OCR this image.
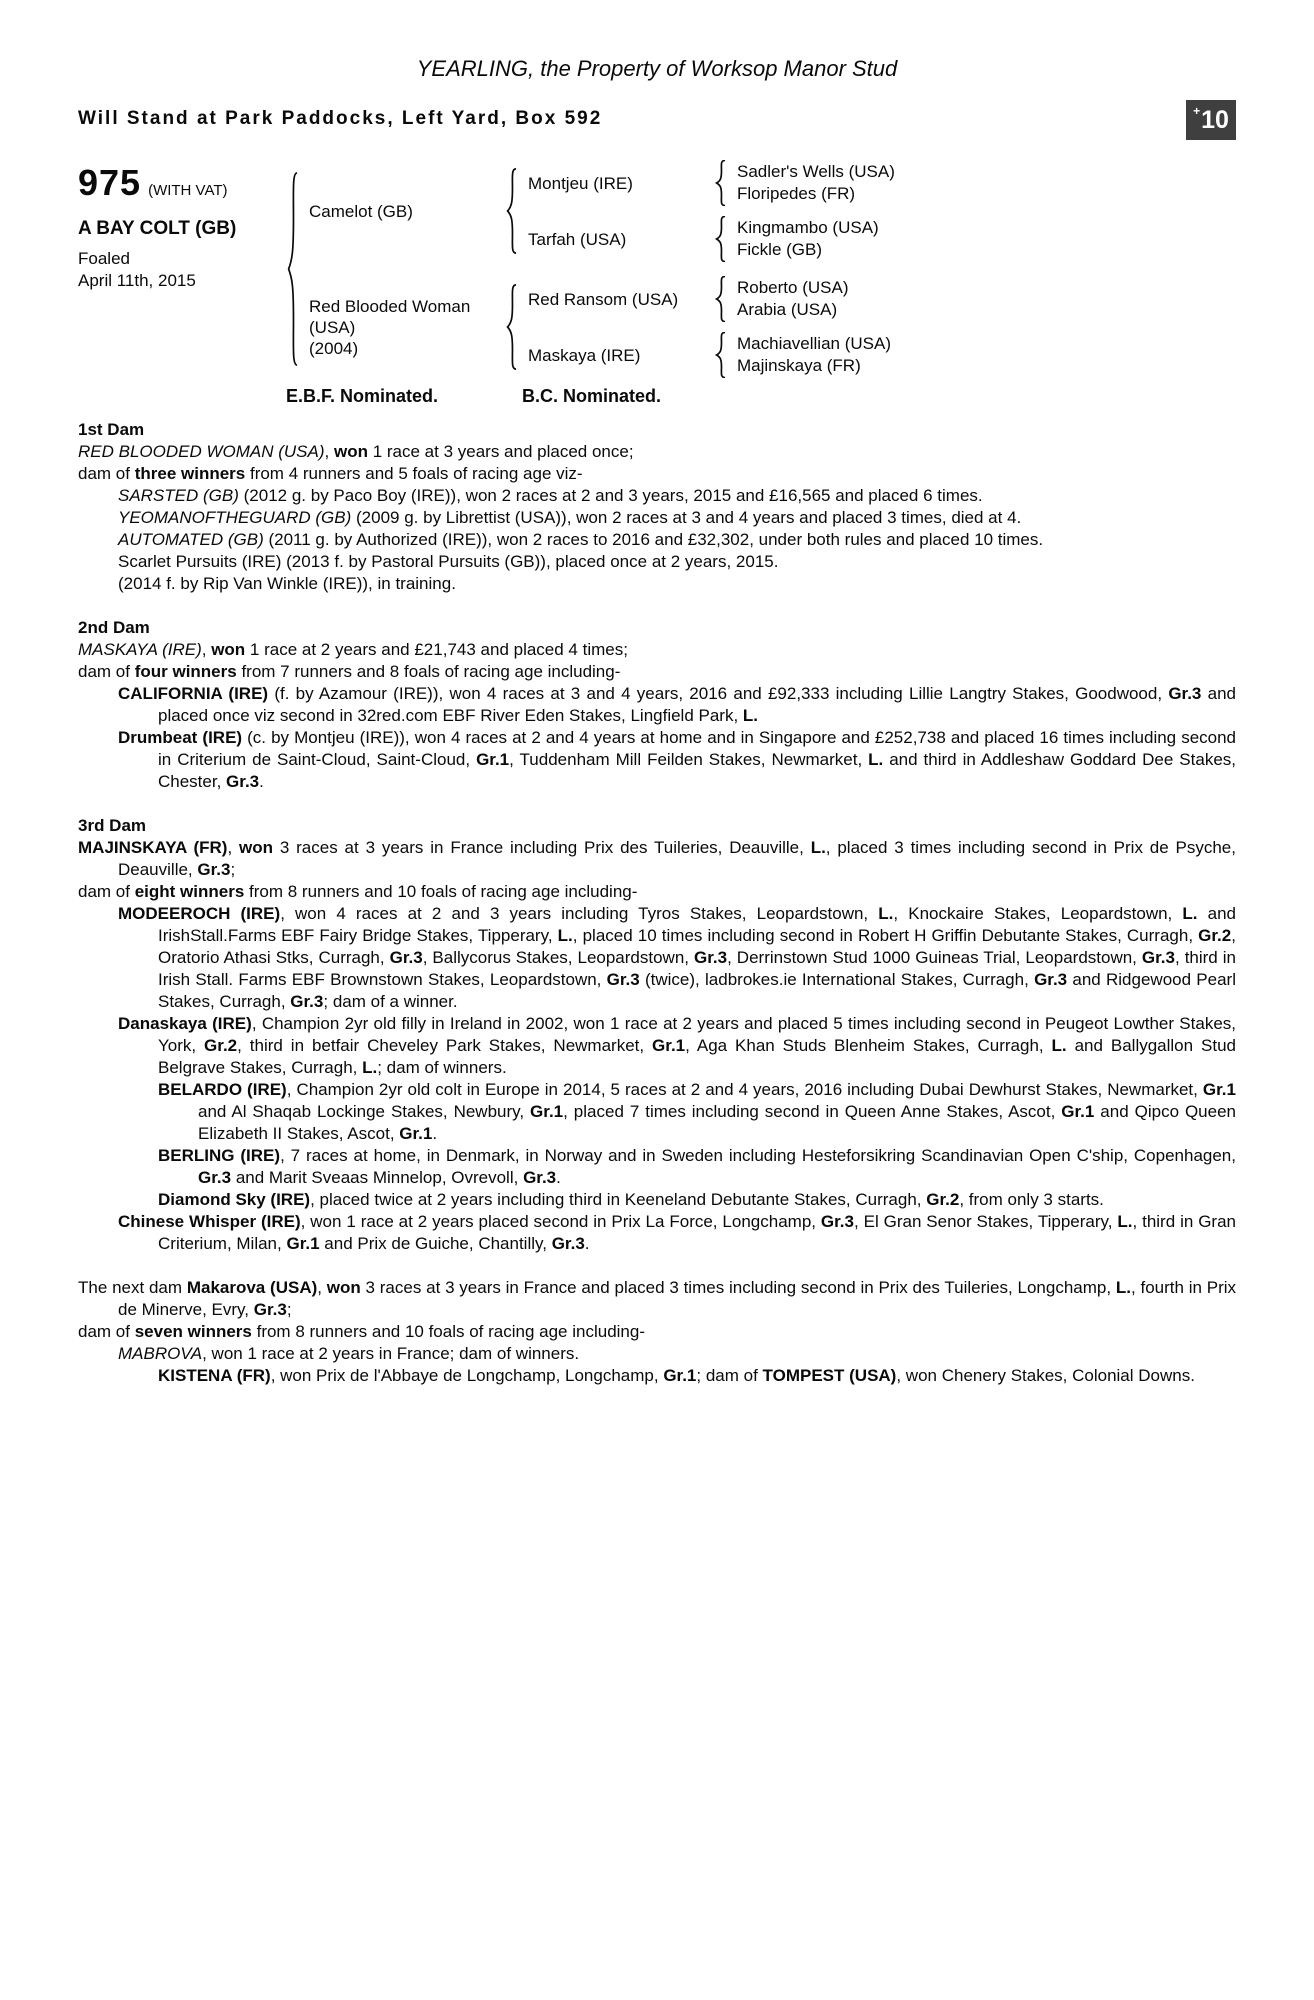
YEARLING, the Property of Worksop Manor Stud
Will Stand at Park Paddocks, Left Yard, Box 592	+ 10
975 (WITH VAT)
A BAY COLT (GB)
Foaled
April 11th, 2015
Camelot (GB)
Montjeu (IRE)
Sadler's Wells (USA)
Floripedes (FR)
Tarfah (USA)
Kingmambo (USA)
Fickle (GB)
Red Blooded Woman
(USA)
(2004)
Red Ransom (USA)
Roberto (USA)
Arabia (USA)
Maskaya (IRE)
Machiavellian (USA)
Majinskaya (FR)
E.B.F. Nominated.	B.C. Nominated.
1st Dam
RED BLOODED WOMAN (USA), won 1 race at 3 years and placed once;
dam of three winners from 4 runners and 5 foals of racing age viz-
SARSTED (GB) (2012 g. by Paco Boy (IRE)), won 2 races at 2 and 3 years, 2015 and £16,565 and placed 6 times.
YEOMANOFTHEGUARD (GB) (2009 g. by Librettist (USA)), won 2 races at 3 and 4 years and placed 3 times, died at 4.
AUTOMATED (GB) (2011 g. by Authorized (IRE)), won 2 races to 2016 and £32,302, under both rules and placed 10 times.
Scarlet Pursuits (IRE) (2013 f. by Pastoral Pursuits (GB)), placed once at 2 years, 2015.
(2014 f. by Rip Van Winkle (IRE)), in training.
2nd Dam
MASKAYA (IRE), won 1 race at 2 years and £21,743 and placed 4 times;
dam of four winners from 7 runners and 8 foals of racing age including-
CALIFORNIA (IRE) (f. by Azamour (IRE)), won 4 races at 3 and 4 years, 2016 and £92,333 including Lillie Langtry Stakes, Goodwood, Gr.3 and placed once viz second in 32red.com EBF River Eden Stakes, Lingfield Park, L.
Drumbeat (IRE) (c. by Montjeu (IRE)), won 4 races at 2 and 4 years at home and in Singapore and £252,738 and placed 16 times including second in Criterium de Saint-Cloud, Saint-Cloud, Gr.1, Tuddenham Mill Feilden Stakes, Newmarket, L. and third in Addleshaw Goddard Dee Stakes, Chester, Gr.3.
3rd Dam
MAJINSKAYA (FR), won 3 races at 3 years in France including Prix des Tuileries, Deauville, L., placed 3 times including second in Prix de Psyche, Deauville, Gr.3;
dam of eight winners from 8 runners and 10 foals of racing age including-
MODEEROCH (IRE), won 4 races at 2 and 3 years including Tyros Stakes, Leopardstown, L., Knockaire Stakes, Leopardstown, L. and IrishStall.Farms EBF Fairy Bridge Stakes, Tipperary, L., placed 10 times including second in Robert H Griffin Debutante Stakes, Curragh, Gr.2, Oratorio Athasi Stks, Curragh, Gr.3, Ballycorus Stakes, Leopardstown, Gr.3, Derrinstown Stud 1000 Guineas Trial, Leopardstown, Gr.3, third in Irish Stall. Farms EBF Brownstown Stakes, Leopardstown, Gr.3 (twice), ladbrokes.ie International Stakes, Curragh, Gr.3 and Ridgewood Pearl Stakes, Curragh, Gr.3; dam of a winner.
Danaskaya (IRE), Champion 2yr old filly in Ireland in 2002, won 1 race at 2 years and placed 5 times including second in Peugeot Lowther Stakes, York, Gr.2, third in betfair Cheveley Park Stakes, Newmarket, Gr.1, Aga Khan Studs Blenheim Stakes, Curragh, L. and Ballygallon Stud Belgrave Stakes, Curragh, L.; dam of winners.
BELARDO (IRE), Champion 2yr old colt in Europe in 2014, 5 races at 2 and 4 years, 2016 including Dubai Dewhurst Stakes, Newmarket, Gr.1 and Al Shaqab Lockinge Stakes, Newbury, Gr.1, placed 7 times including second in Queen Anne Stakes, Ascot, Gr.1 and Qipco Queen Elizabeth II Stakes, Ascot, Gr.1.
BERLING (IRE), 7 races at home, in Denmark, in Norway and in Sweden including Hesteforsikring Scandinavian Open C'ship, Copenhagen, Gr.3 and Marit Sveaas Minnelop, Ovrevoll, Gr.3.
Diamond Sky (IRE), placed twice at 2 years including third in Keeneland Debutante Stakes, Curragh, Gr.2, from only 3 starts.
Chinese Whisper (IRE), won 1 race at 2 years placed second in Prix La Force, Longchamp, Gr.3, El Gran Senor Stakes, Tipperary, L., third in Gran Criterium, Milan, Gr.1 and Prix de Guiche, Chantilly, Gr.3.
The next dam Makarova (USA), won 3 races at 3 years in France and placed 3 times including second in Prix des Tuileries, Longchamp, L., fourth in Prix de Minerve, Evry, Gr.3;
dam of seven winners from 8 runners and 10 foals of racing age including-
MABROVA, won 1 race at 2 years in France; dam of winners.
KISTENA (FR), won Prix de l'Abbaye de Longchamp, Longchamp, Gr.1; dam of TOMPEST (USA), won Chenery Stakes, Colonial Downs.
